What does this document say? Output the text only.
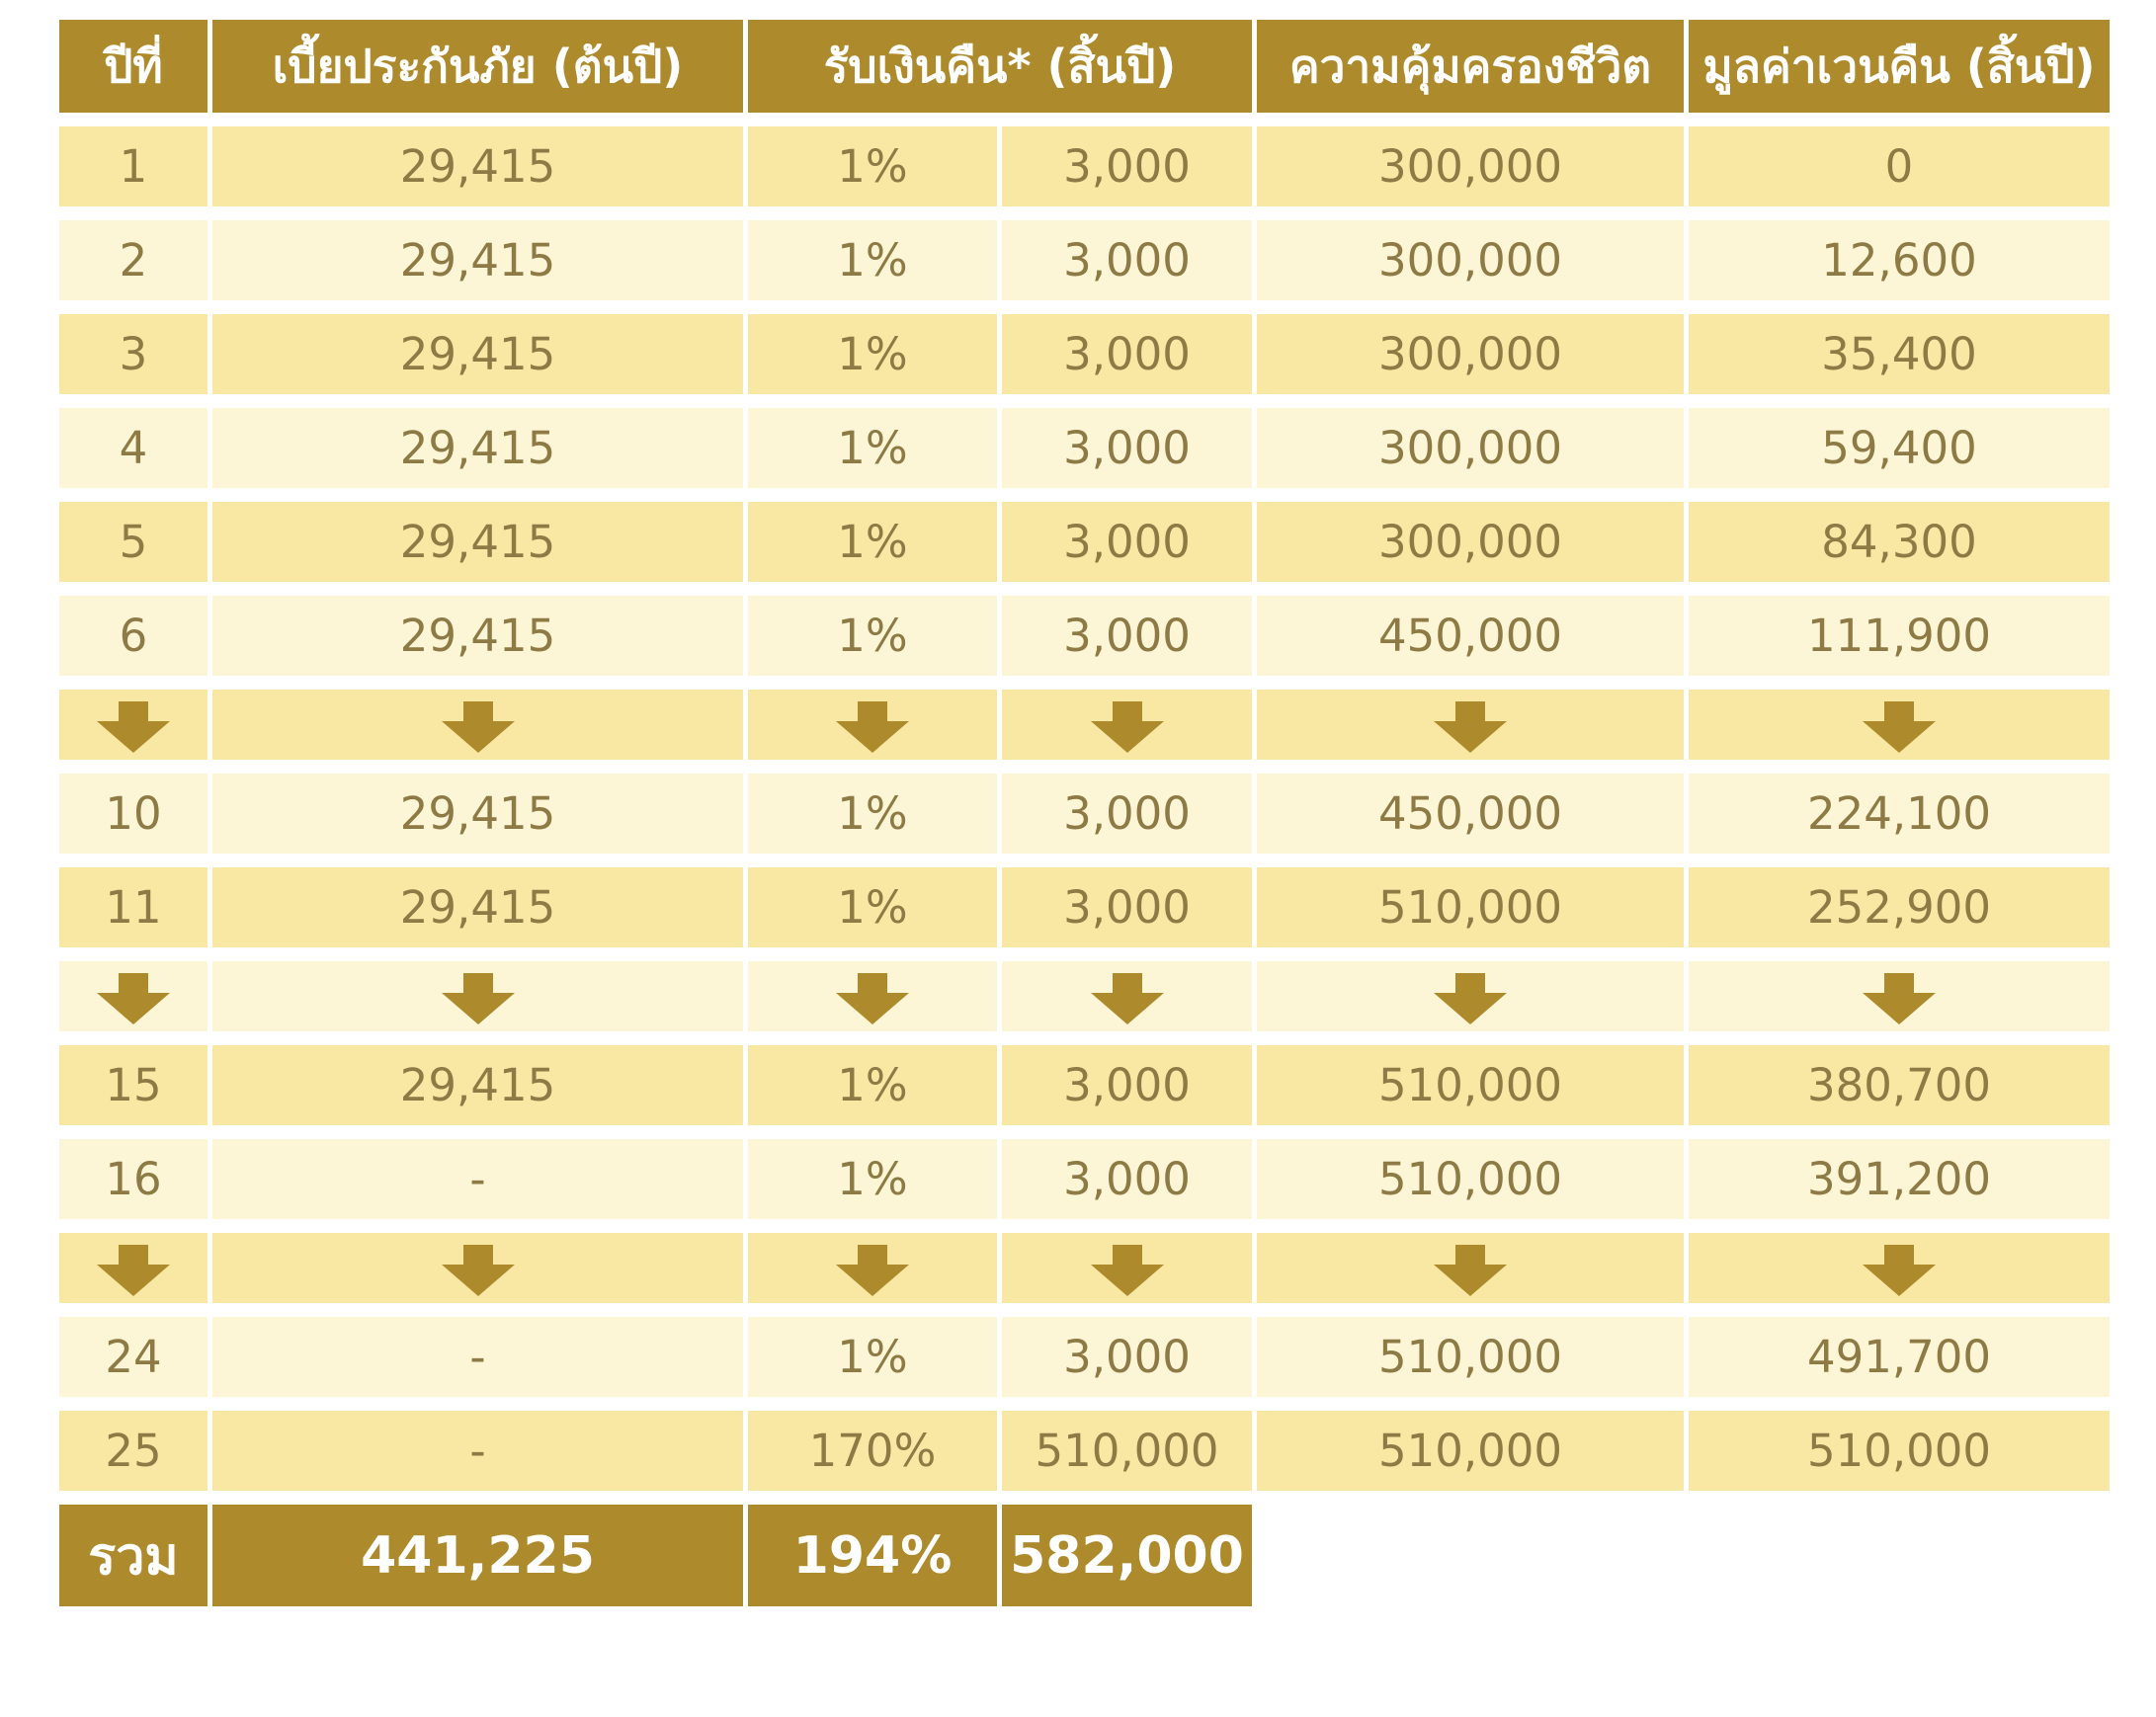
ปีที่	เบี้ยประกันภัย (ต้นปี)	รับเงินคืน* (สิ้นปี)		ความคุ้มครองชีวิต	มูลค่าเวนคืน (สิ้นปี)
1	29,415	1%	3,000	300,000	0
2	29,415	1%	3,000	300,000	12,600
3	29,415	1%	3,000	300,000	35,400
4	29,415	1%	3,000	300,000	59,400
5	29,415	1%	3,000	300,000	84,300
6	29,415	1%	3,000	450,000	111,900

10	29,415	1%	3,000	450,000	224,100
11	29,415	1%	3,000	510,000	252,900

15	29,415	1%	3,000	510,000	380,700
16	-	1%	3,000	510,000	391,200

24	-	1%	3,000	510,000	491,700
25	-	170%	510,000	510,000	510,000
รวม	441,225	194%	582,000		
